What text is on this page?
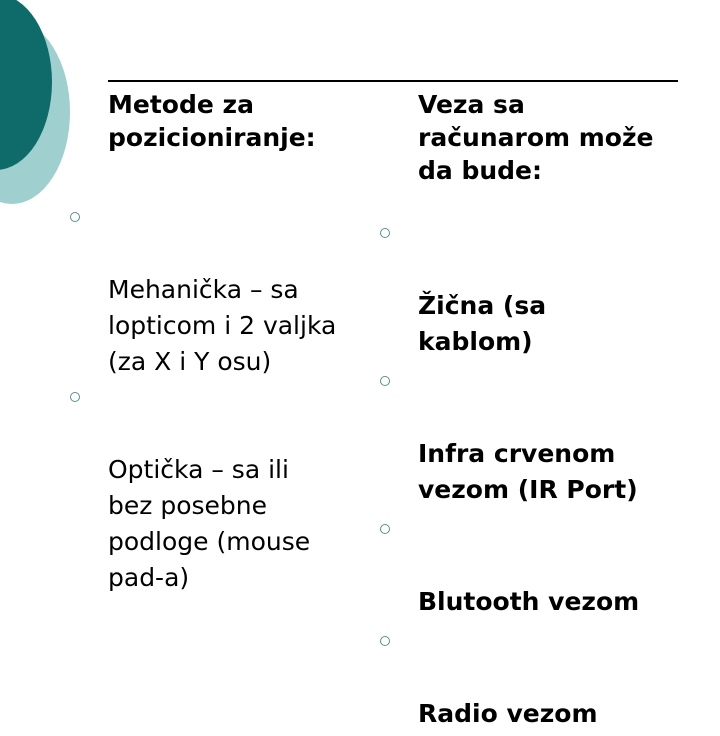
Metode za
pozicioniranje:
Veza sa
računarom može
da bude:

Mehanička – sa
lopticom i 2 valjka
(za X i Y osu)

Optička – sa ili
bez posebne
podloge (mouse
pad-a)

Žična (sa
kablom)

Infra crvenom
vezom (IR Port)

Blutooth vezom

Radio vezom
